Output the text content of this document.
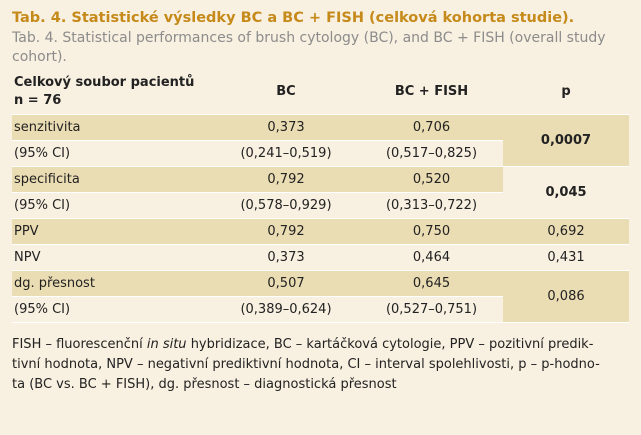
Tab. 4. Statistické výsledky BC a BC + FISH (celková kohorta studie).
Tab. 4. Statistical performances of brush cytology (BC), and BC + FISH (overall study cohort).
Celkový soubor pacientů
n = 76	BC	BC + FISH	p
senzitivita	0,373	0,706	0,0007
(95% CI)	(0,241–0,519)	(0,517–0,825)	
specificita	0,792	0,520	0,045
(95% CI)	(0,578–0,929)	(0,313–0,722)	
PPV	0,792	0,750	0,692
NPV	0,373	0,464	0,431
dg. přesnost	0,507	0,645	0,086
(95% CI)	(0,389–0,624)	(0,527–0,751)	
FISH – fluorescenční in situ hybridizace, BC – kartáčková cytologie, PPV – pozitivní predik-
tivní hodnota, NPV – negativní prediktivní hodnota, CI – interval spolehlivosti, p – p-hodno-
ta (BC vs. BC + FISH), dg. přesnost – diagnostická přesnost
